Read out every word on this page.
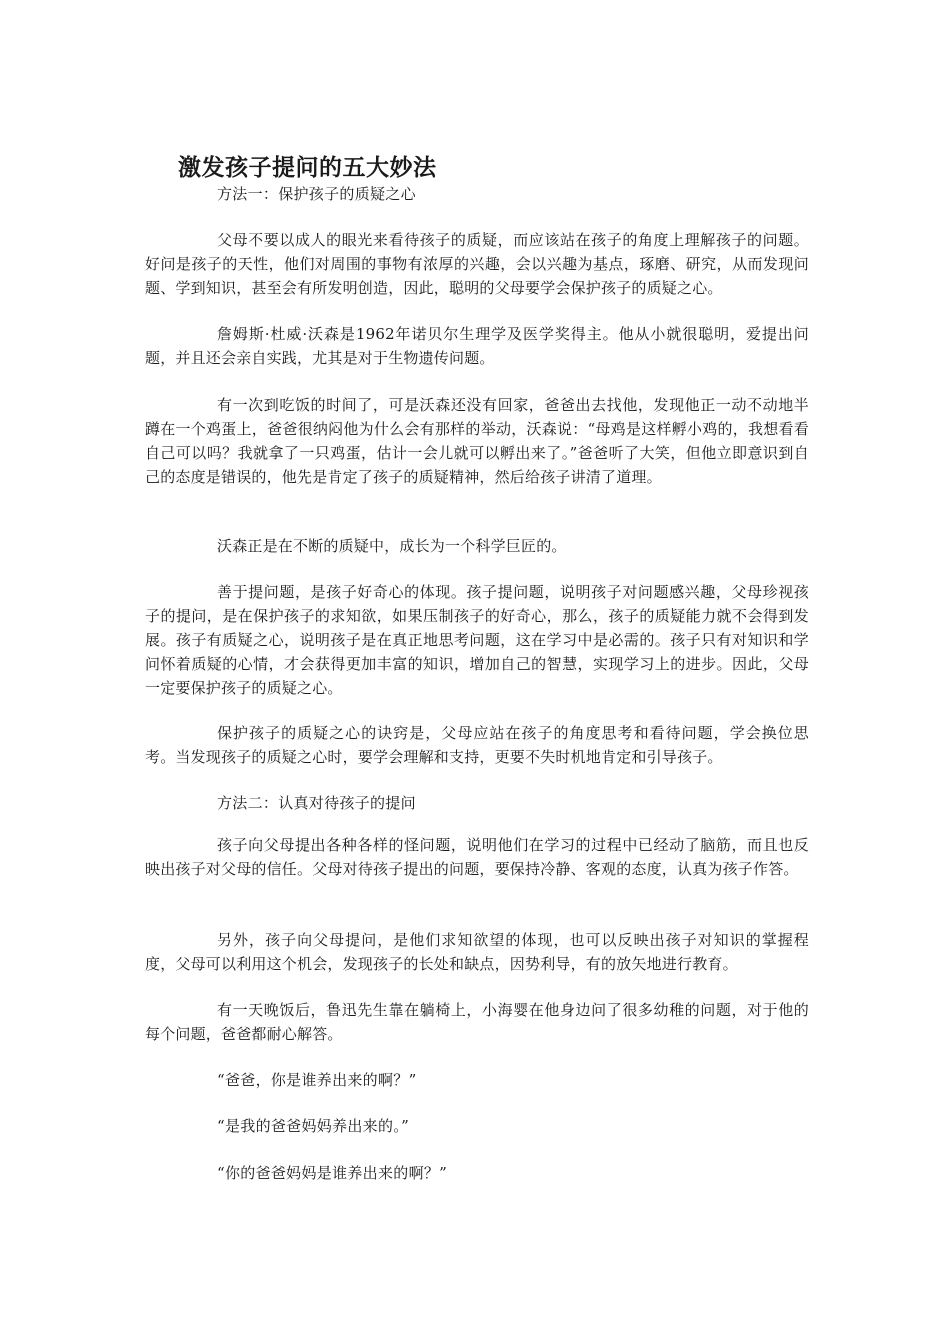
激发孩子提问的五大妙法

方法一：保护孩子的质疑之心

父母不要以成人的眼光来看待孩子的质疑，而应该站在孩子的角度上理解孩子的问题。好问是孩子的天性，他们对周围的事物有浓厚的兴趣，会以兴趣为基点，琢磨、研究，从而发现问题、学到知识，甚至会有所发明创造，因此，聪明的父母要学会保护孩子的质疑之心。

詹姆斯·杜威·沃森是1962年诺贝尔生理学及医学奖得主。他从小就很聪明，爱提出问题，并且还会亲自实践，尤其是对于生物遗传问题。

有一次到吃饭的时间了，可是沃森还没有回家，爸爸出去找他，发现他正一动不动地半蹲在一个鸡蛋上，爸爸很纳闷他为什么会有那样的举动，沃森说：“母鸡是这样孵小鸡的，我想看看自己可以吗？我就拿了一只鸡蛋，估计一会儿就可以孵出来了。”爸爸听了大笑，但他立即意识到自己的态度是错误的，他先是肯定了孩子的质疑精神，然后给孩子讲清了道理。

沃森正是在不断的质疑中，成长为一个科学巨匠的。

善于提问题，是孩子好奇心的体现。孩子提问题，说明孩子对问题感兴趣，父母珍视孩子的提问，是在保护孩子的求知欲，如果压制孩子的好奇心，那么，孩子的质疑能力就不会得到发展。孩子有质疑之心，说明孩子是在真正地思考问题，这在学习中是必需的。孩子只有对知识和学问怀着质疑的心情，才会获得更加丰富的知识，增加自己的智慧，实现学习上的进步。因此，父母一定要保护孩子的质疑之心。

保护孩子的质疑之心的诀窍是，父母应站在孩子的角度思考和看待问题，学会换位思考。当发现孩子的质疑之心时，要学会理解和支持，更要不失时机地肯定和引导孩子。

方法二：认真对待孩子的提问

孩子向父母提出各种各样的怪问题，说明他们在学习的过程中已经动了脑筋，而且也反映出孩子对父母的信任。父母对待孩子提出的问题，要保持冷静、客观的态度，认真为孩子作答。

另外，孩子向父母提问，是他们求知欲望的体现，也可以反映出孩子对知识的掌握程度，父母可以利用这个机会，发现孩子的长处和缺点，因势利导，有的放矢地进行教育。

有一天晚饭后，鲁迅先生靠在躺椅上，小海婴在他身边问了很多幼稚的问题，对于他的每个问题，爸爸都耐心解答。

“爸爸，你是谁养出来的啊？”

“是我的爸爸妈妈养出来的。”

“你的爸爸妈妈是谁养出来的啊？”
